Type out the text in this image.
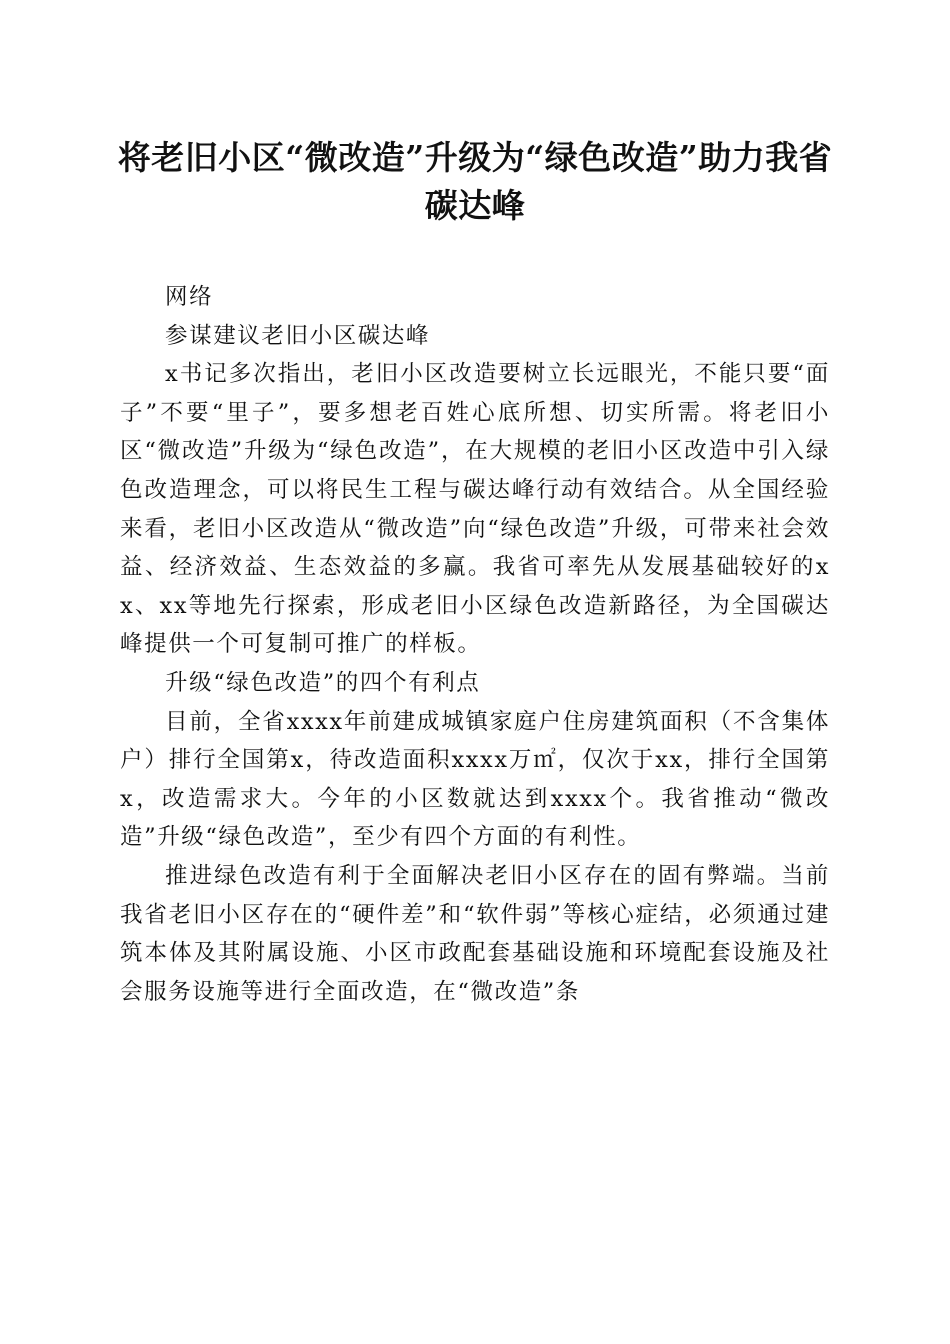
将老旧小区“微改造”升级为“绿色改造”助力我省碳达峰

网络

参谋建议老旧小区碳达峰

x书记多次指出，老旧小区改造要树立长远眼光，不能只要“面子”不要“里子”，要多想老百姓心底所想、切实所需。将老旧小区“微改造”升级为“绿色改造”，在大规模的老旧小区改造中引入绿色改造理念，可以将民生工程与碳达峰行动有效结合。从全国经验来看，老旧小区改造从“微改造”向“绿色改造”升级，可带来社会效益、经济效益、生态效益的多赢。我省可率先从发展基础较好的xx、xx等地先行探索，形成老旧小区绿色改造新路径，为全国碳达峰提供一个可复制可推广的样板。

升级“绿色改造”的四个有利点

目前，全省xxxx年前建成城镇家庭户住房建筑面积（不含集体户）排行全国第x，待改造面积xxxx万㎡，仅次于xx，排行全国第x，改造需求大。今年的小区数就达到xxxx个。我省推动“微改造”升级“绿色改造”，至少有四个方面的有利性。

推进绿色改造有利于全面解决老旧小区存在的固有弊端。当前我省老旧小区存在的“硬件差”和“软件弱”等核心症结，必须通过建筑本体及其附属设施、小区市政配套基础设施和环境配套设施及社会服务设施等进行全面改造，在“微改造”条
